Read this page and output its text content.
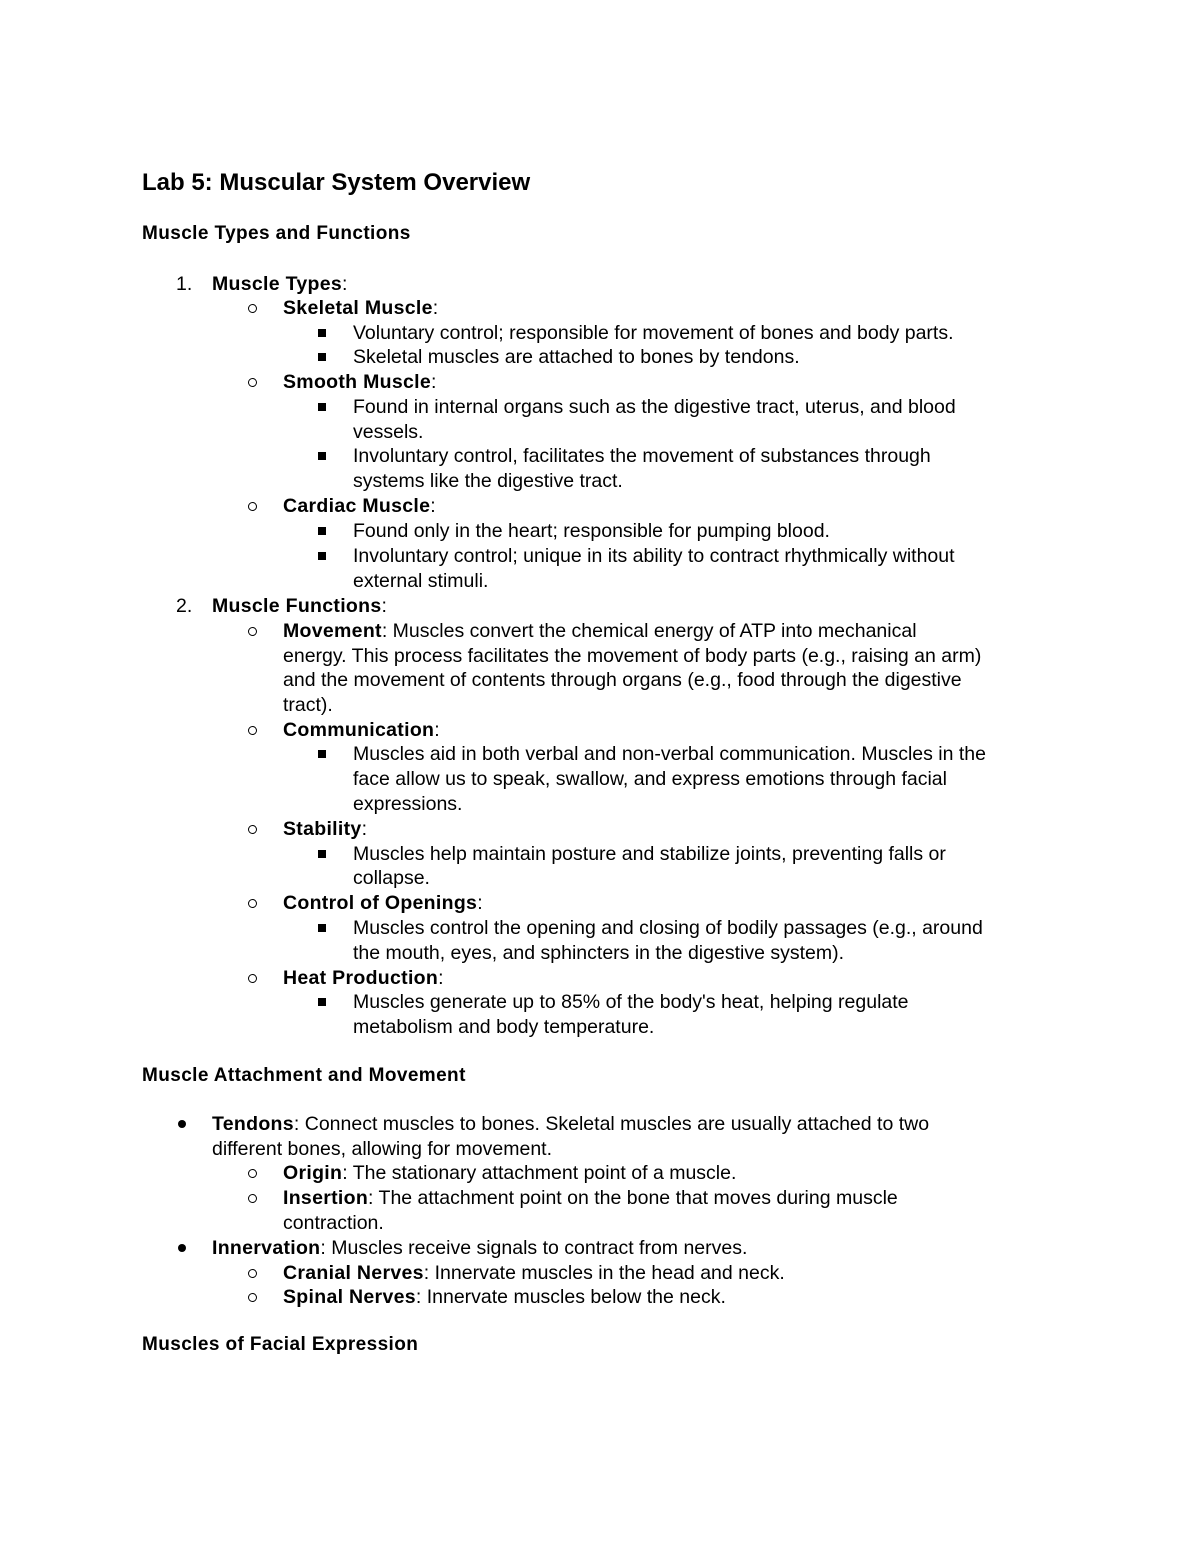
Lab 5: Muscular System Overview
Muscle Types and Functions
1. Muscle Types:
Skeletal Muscle:
Voluntary control; responsible for movement of bones and body parts.
Skeletal muscles are attached to bones by tendons.
Smooth Muscle:
Found in internal organs such as the digestive tract, uterus, and blood
vessels.
Involuntary control, facilitates the movement of substances through
systems like the digestive tract.
Cardiac Muscle:
Found only in the heart; responsible for pumping blood.
Involuntary control; unique in its ability to contract rhythmically without
external stimuli.
2. Muscle Functions:
Movement: Muscles convert the chemical energy of ATP into mechanical
energy. This process facilitates the movement of body parts (e.g., raising an arm)
and the movement of contents through organs (e.g., food through the digestive
tract).
Communication:
Muscles aid in both verbal and non-verbal communication. Muscles in the
face allow us to speak, swallow, and express emotions through facial
expressions.
Stability:
Muscles help maintain posture and stabilize joints, preventing falls or
collapse.
Control of Openings:
Muscles control the opening and closing of bodily passages (e.g., around
the mouth, eyes, and sphincters in the digestive system).
Heat Production:
Muscles generate up to 85% of the body's heat, helping regulate
metabolism and body temperature.
Muscle Attachment and Movement
Tendons: Connect muscles to bones. Skeletal muscles are usually attached to two
different bones, allowing for movement.
Origin: The stationary attachment point of a muscle.
Insertion: The attachment point on the bone that moves during muscle
contraction.
Innervation: Muscles receive signals to contract from nerves.
Cranial Nerves: Innervate muscles in the head and neck.
Spinal Nerves: Innervate muscles below the neck.
Muscles of Facial Expression
